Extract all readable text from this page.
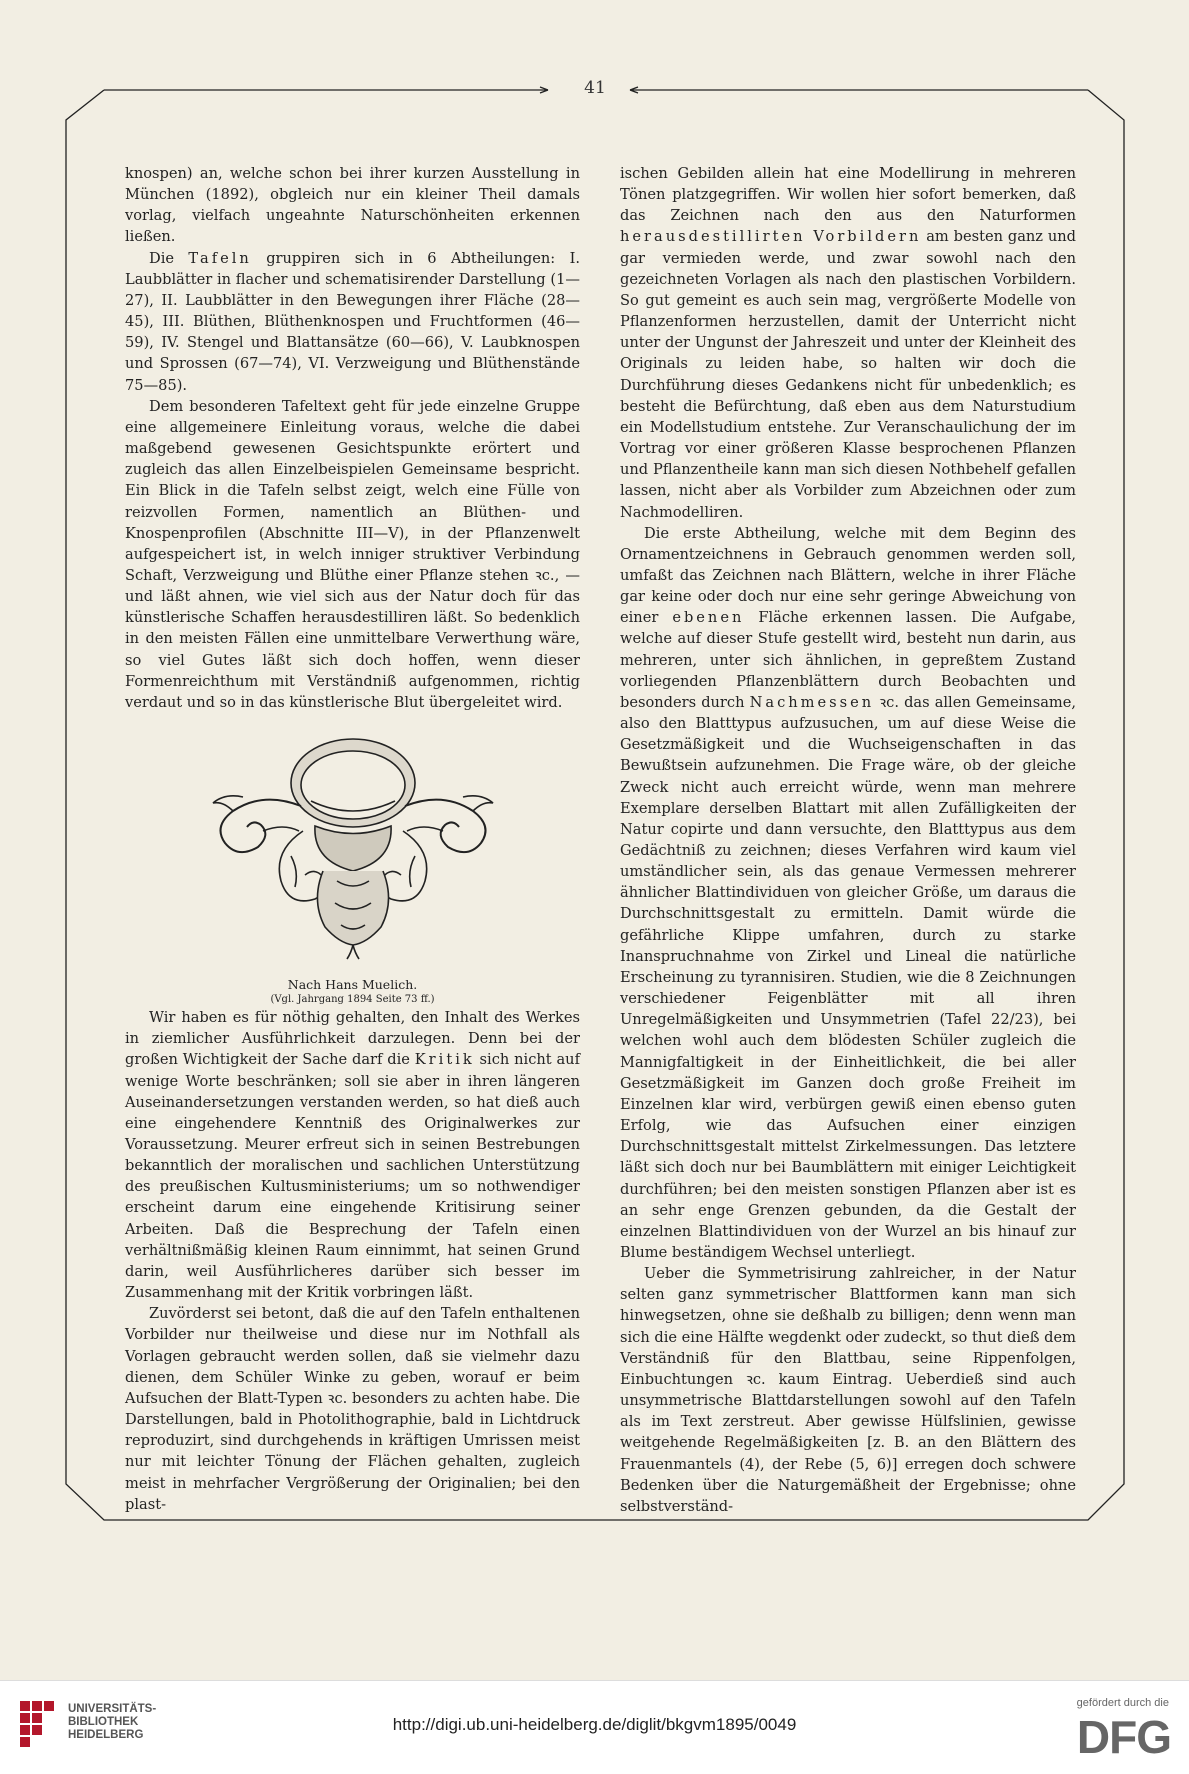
41

knospen) an, welche schon bei ihrer kurzen Ausstellung in München (1892), obgleich nur ein kleiner Theil damals vorlag, vielfach ungeahnte Naturschönheiten erkennen ließen.

Die Tafeln gruppiren sich in 6 Abtheilungen: I. Laubblätter in flacher und schematisirender Darstellung (1—27), II. Laubblätter in den Bewegungen ihrer Fläche (28—45), III. Blüthen, Blüthenknospen und Fruchtformen (46—59), IV. Stengel und Blattansätze (60—66), V. Laubknospen und Sprossen (67—74), VI. Verzweigung und Blüthenstände 75—85).

Dem besonderen Tafeltext geht für jede einzelne Gruppe eine allgemeinere Einleitung voraus, welche die dabei maßgebend gewesenen Gesichtspunkte erörtert und zugleich das allen Einzelbeispielen Gemeinsame bespricht. Ein Blick in die Tafeln selbst zeigt, welch eine Fülle von reizvollen Formen, namentlich an Blüthen- und Knospenprofilen (Abschnitte III—V), in der Pflanzenwelt aufgespeichert ist, in welch inniger struktiver Verbindung Schaft, Verzweigung und Blüthe einer Pflanze stehen ꝛc., — und läßt ahnen, wie viel sich aus der Natur doch für das künstlerische Schaffen herausdestilliren läßt. So bedenklich in den meisten Fällen eine unmittelbare Verwerthung wäre, so viel Gutes läßt sich doch hoffen, wenn dieser Formenreichthum mit Verständniß aufgenommen, richtig verdaut und so in das künstlerische Blut übergeleitet wird.

Nach Hans Muelich.

(Vgl. Jahrgang 1894 Seite 73 ff.)

Wir haben es für nöthig gehalten, den Inhalt des Werkes in ziemlicher Ausführlichkeit darzulegen. Denn bei der großen Wichtigkeit der Sache darf die Kritik sich nicht auf wenige Worte beschränken; soll sie aber in ihren längeren Auseinandersetzungen verstanden werden, so hat dieß auch eine eingehendere Kenntniß des Originalwerkes zur Voraussetzung. Meurer erfreut sich in seinen Bestrebungen bekanntlich der moralischen und sachlichen Unterstützung des preußischen Kultusministeriums; um so nothwendiger erscheint darum eine eingehende Kritisirung seiner Arbeiten. Daß die Besprechung der Tafeln einen verhältnißmäßig kleinen Raum einnimmt, hat seinen Grund darin, weil Ausführlicheres darüber sich besser im Zusammenhang mit der Kritik vorbringen läßt.

Zuvörderst sei betont, daß die auf den Tafeln enthaltenen Vorbilder nur theilweise und diese nur im Nothfall als Vorlagen gebraucht werden sollen, daß sie vielmehr dazu dienen, dem Schüler Winke zu geben, worauf er beim Aufsuchen der Blatt-Typen ꝛc. besonders zu achten habe. Die Darstellungen, bald in Photolithographie, bald in Lichtdruck reproduzirt, sind durchgehends in kräftigen Umrissen meist nur mit leichter Tönung der Flächen gehalten, zugleich meist in mehrfacher Vergrößerung der Originalien; bei den plast-

ischen Gebilden allein hat eine Modellirung in mehreren Tönen platzgegriffen. Wir wollen hier sofort bemerken, daß das Zeichnen nach den aus den Naturformen herausdestillirten Vorbildern am besten ganz und gar vermieden werde, und zwar sowohl nach den gezeichneten Vorlagen als nach den plastischen Vorbildern. So gut gemeint es auch sein mag, vergrößerte Modelle von Pflanzenformen herzustellen, damit der Unterricht nicht unter der Ungunst der Jahreszeit und unter der Kleinheit des Originals zu leiden habe, so halten wir doch die Durchführung dieses Gedankens nicht für unbedenklich; es besteht die Befürchtung, daß eben aus dem Naturstudium ein Modellstudium entstehe. Zur Veranschaulichung der im Vortrag vor einer größeren Klasse besprochenen Pflanzen und Pflanzentheile kann man sich diesen Nothbehelf gefallen lassen, nicht aber als Vorbilder zum Abzeichnen oder zum Nachmodelliren.

Die erste Abtheilung, welche mit dem Beginn des Ornamentzeichnens in Gebrauch genommen werden soll, umfaßt das Zeichnen nach Blättern, welche in ihrer Fläche gar keine oder doch nur eine sehr geringe Abweichung von einer ebenen Fläche erkennen lassen. Die Aufgabe, welche auf dieser Stufe gestellt wird, besteht nun darin, aus mehreren, unter sich ähnlichen, in gepreßtem Zustand vorliegenden Pflanzenblättern durch Beobachten und besonders durch Nachmessen ꝛc. das allen Gemeinsame, also den Blatttypus aufzusuchen, um auf diese Weise die Gesetzmäßigkeit und die Wuchseigenschaften in das Bewußtsein aufzunehmen. Die Frage wäre, ob der gleiche Zweck nicht auch erreicht würde, wenn man mehrere Exemplare derselben Blattart mit allen Zufälligkeiten der Natur copirte und dann versuchte, den Blatttypus aus dem Gedächtniß zu zeichnen; dieses Verfahren wird kaum viel umständlicher sein, als das genaue Vermessen mehrerer ähnlicher Blattindividuen von gleicher Größe, um daraus die Durchschnittsgestalt zu ermitteln. Damit würde die gefährliche Klippe umfahren, durch zu starke Inanspruchnahme von Zirkel und Lineal die natürliche Erscheinung zu tyrannisiren. Studien, wie die 8 Zeichnungen verschiedener Feigenblätter mit all ihren Unregelmäßigkeiten und Unsymmetrien (Tafel 22/23), bei welchen wohl auch dem blödesten Schüler zugleich die Mannigfaltigkeit in der Einheitlichkeit, die bei aller Gesetzmäßigkeit im Ganzen doch große Freiheit im Einzelnen klar wird, verbürgen gewiß einen ebenso guten Erfolg, wie das Aufsuchen einer einzigen Durchschnittsgestalt mittelst Zirkelmessungen. Das letztere läßt sich doch nur bei Baumblättern mit einiger Leichtigkeit durchführen; bei den meisten sonstigen Pflanzen aber ist es an sehr enge Grenzen gebunden, da die Gestalt der einzelnen Blattindividuen von der Wurzel an bis hinauf zur Blume beständigem Wechsel unterliegt.

Ueber die Symmetrisirung zahlreicher, in der Natur selten ganz symmetrischer Blattformen kann man sich hinwegsetzen, ohne sie deßhalb zu billigen; denn wenn man sich die eine Hälfte wegdenkt oder zudeckt, so thut dieß dem Verständniß für den Blattbau, seine Rippenfolgen, Einbuchtungen ꝛc. kaum Eintrag. Ueberdieß sind auch unsymmetrische Blattdarstellungen sowohl auf den Tafeln als im Text zerstreut. Aber gewisse Hülfslinien, gewisse weitgehende Regelmäßigkeiten [z. B. an den Blättern des Frauenmantels (4), der Rebe (5, 6)] erregen doch schwere Bedenken über die Naturgemäßheit der Ergebnisse; ohne selbstverständ-

UNIVERSITÄTS-
BIBLIOTHEK
HEIDELBERG
http://digi.ub.uni-heidelberg.de/diglit/bkgvm1895/0049
gefördert durch die
DFG
